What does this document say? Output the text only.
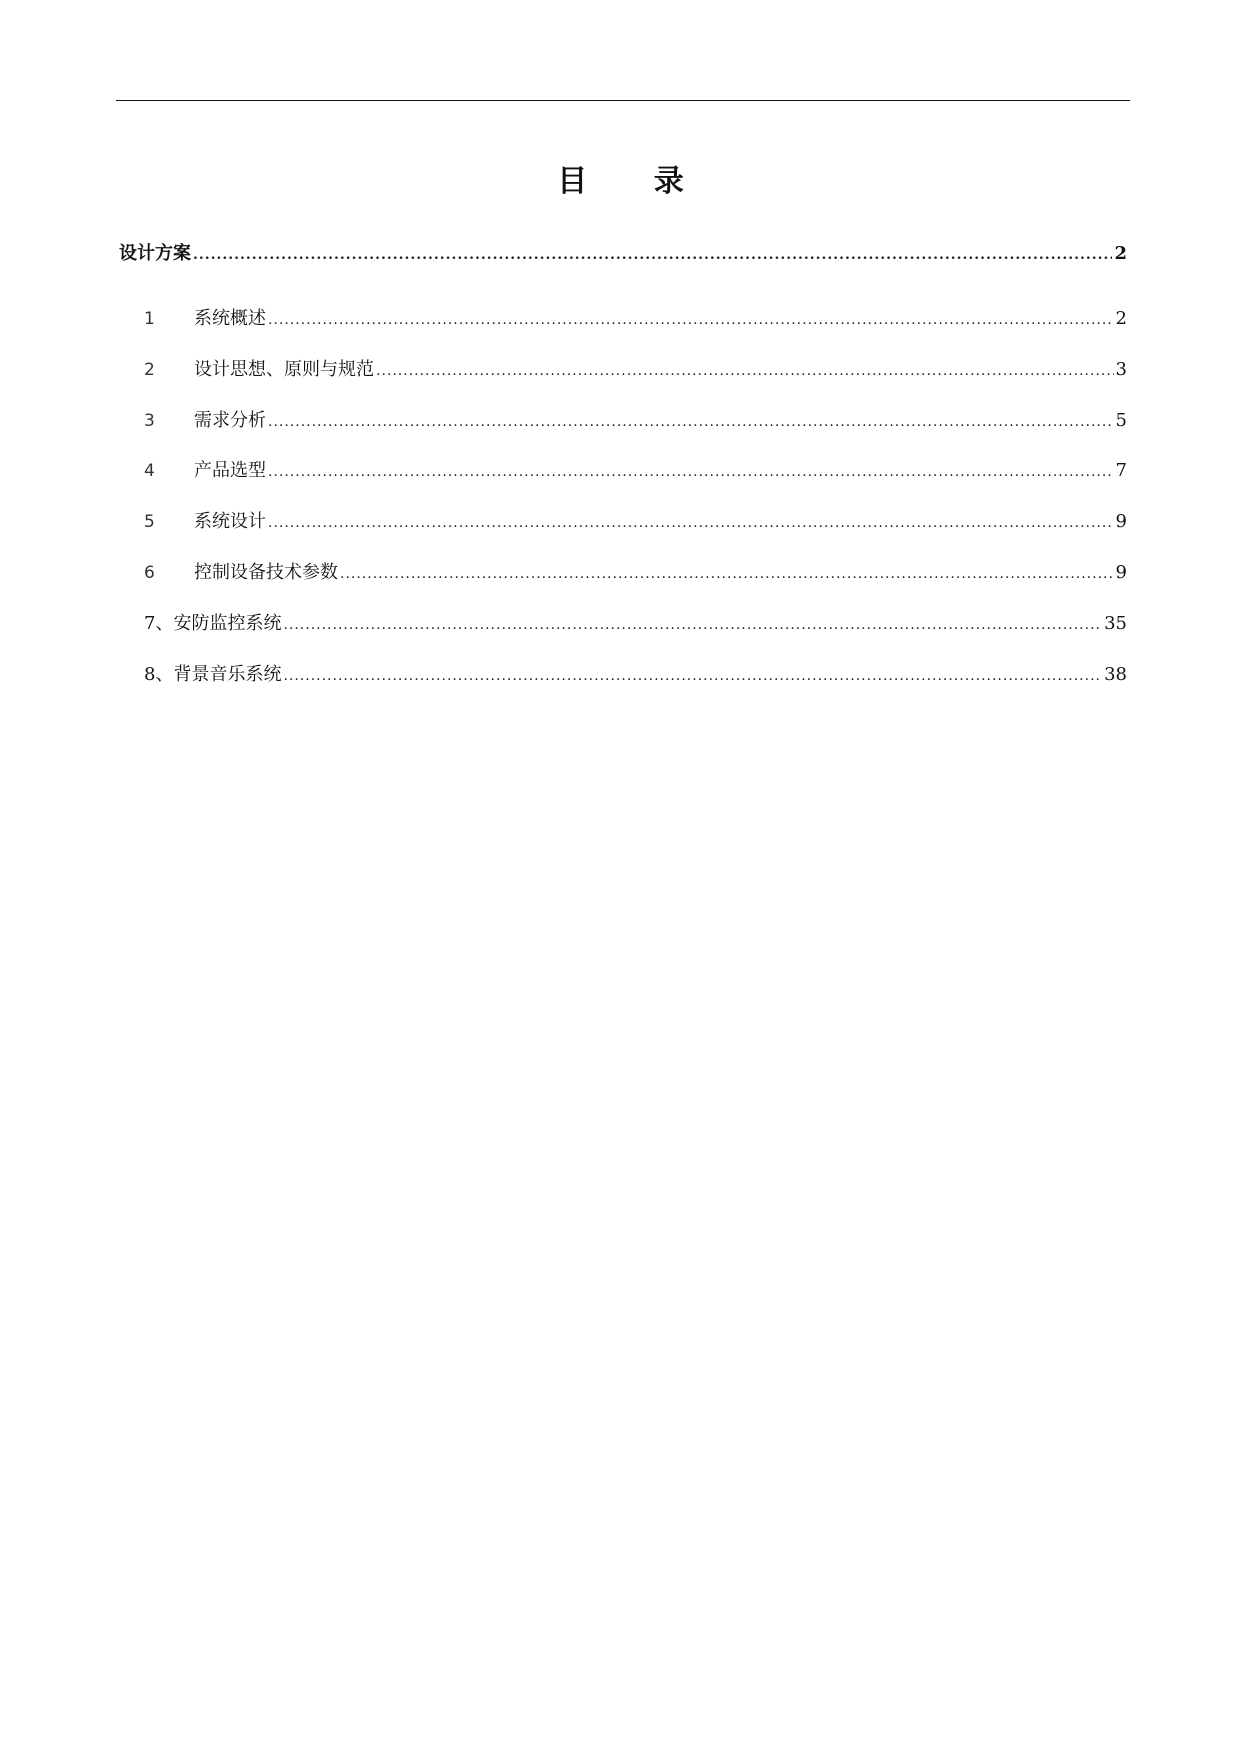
目 录
设计方案 .....	2
1	系统概述 .....	2
2	设计思想、原则与规范 .....	3
3	需求分析 .....	5
4	产品选型 .....	7
5	系统设计 .....	9
6	控制设备技术参数 .....	9
7、安防监控系统 .....	35
8、背景音乐系统 .....	38
